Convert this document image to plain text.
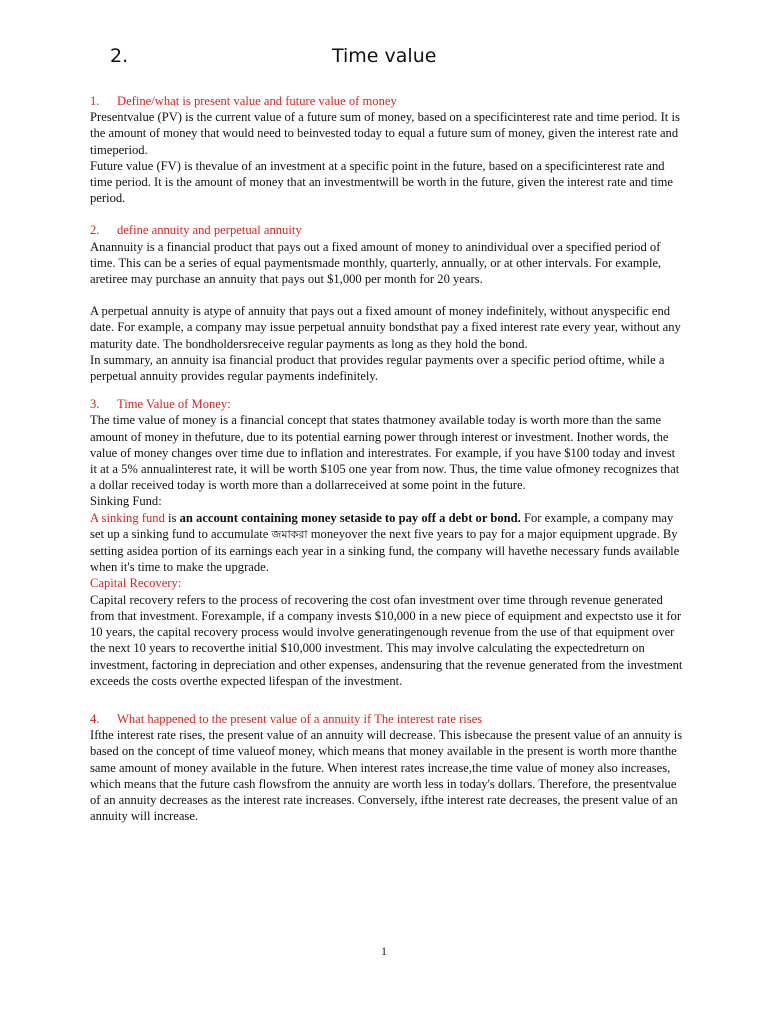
2.	Time value

1. Define/what is present value and future value of money

Presentvalue (PV) is the current value of a future sum of money, based on a specificinterest rate and time period. It is the amount of money that would need to beinvested today to equal a future sum of money, given the interest rate and timeperiod.

Future value (FV) is thevalue of an investment at a specific point in the future, based on a specificinterest rate and time period. It is the amount of money that an investmentwill be worth in the future, given the interest rate and time period.

2. define annuity and perpetual annuity

Anannuity is a financial product that pays out a fixed amount of money to anindividual over a specified period of time. This can be a series of equal paymentsmade monthly, quarterly, annually, or at other intervals. For example, aretiree may purchase an annuity that pays out $1,000 per month for 20 years.

A perpetual annuity is atype of annuity that pays out a fixed amount of money indefinitely, without anyspecific end date. For example, a company may issue perpetual annuity bondsthat pay a fixed interest rate every year, without any maturity date. The bondholdersreceive regular payments as long as they hold the bond.

In summary, an annuity isa financial product that provides regular payments over a specific period oftime, while a perpetual annuity provides regular payments indefinitely.

3. Time Value of Money:

The time value of money is a financial concept that states thatmoney available today is worth more than the same amount of money in thefuture, due to its potential earning power through interest or investment. Inother words, the value of money changes over time due to inflation and interestrates. For example, if you have $100 today and invest it at a 5% annualinterest rate, it will be worth $105 one year from now. Thus, the time value ofmoney recognizes that a dollar received today is worth more than a dollarreceived at some point in the future.

Sinking Fund:

A sinking fund is an account containing money setaside to pay off a debt or bond. For example, a company may set up a sinking fund to accumulate জমাকরা moneyover the next five years to pay for a major equipment upgrade. By setting asidea portion of its earnings each year in a sinking fund, the company will havethe necessary funds available when it's time to make the upgrade.

Capital Recovery:

Capital recovery refers to the process of recovering the cost ofan investment over time through revenue generated from that investment. Forexample, if a company invests $10,000 in a new piece of equipment and expectsto use it for 10 years, the capital recovery process would involve generatingenough revenue from the use of that equipment over the next 10 years to recoverthe initial $10,000 investment. This may involve calculating the expectedreturn on investment, factoring in depreciation and other expenses, andensuring that the revenue generated from the investment exceeds the costs overthe expected lifespan of the investment.

4. What happened to the present value of a annuity if The interest rate rises

Ifthe interest rate rises, the present value of an annuity will decrease. This isbecause the present value of an annuity is based on the concept of time valueof money, which means that money available in the present is worth more thanthe same amount of money available in the future. When interest rates increase,the time value of money also increases, which means that the future cash flowsfrom the annuity are worth less in today's dollars. Therefore, the presentvalue of an annuity decreases as the interest rate increases. Conversely, ifthe interest rate decreases, the present value of an annuity will increase.

1
